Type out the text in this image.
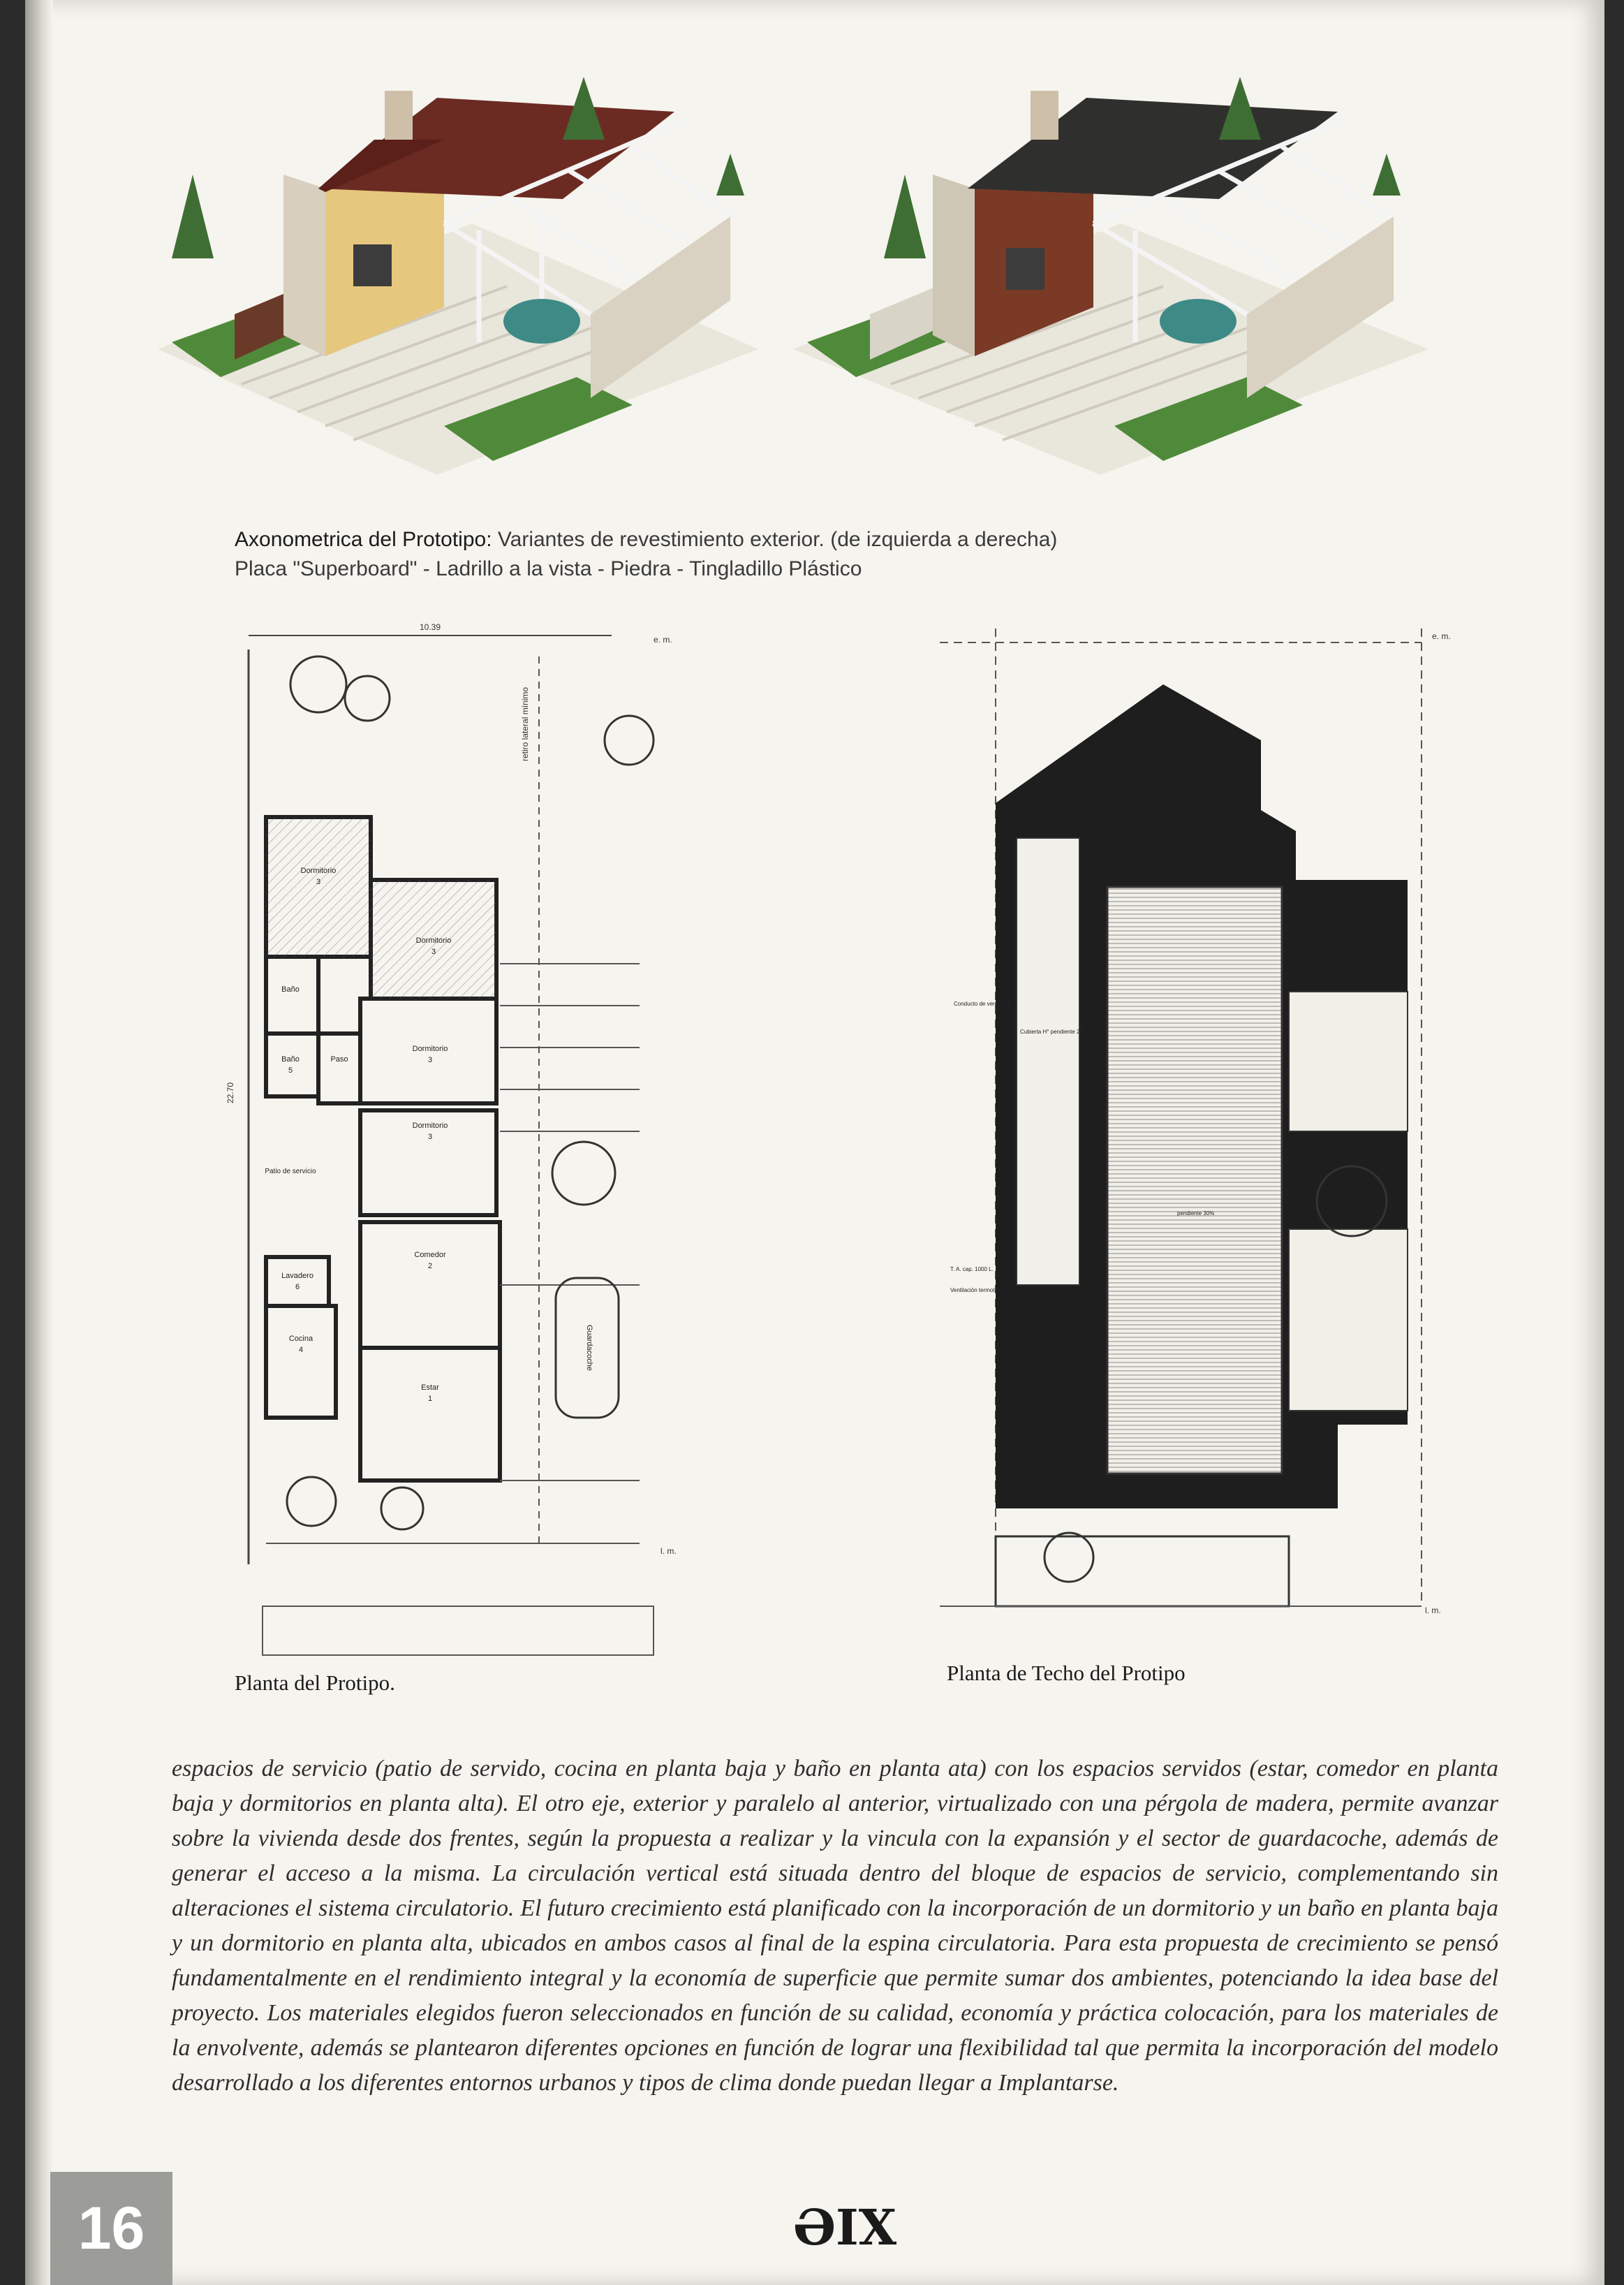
Axonometrica del Prototipo: Variantes de revestimiento exterior. (de izquierda a derecha)
Placa "Superboard" - Ladrillo a la vista - Piedra - Tingladillo Plástico
10.39
e. m.
22.70
retiro lateral mínimo
l. m.
Dormitorio
3
Dormitorio
3
Dormitorio
3
Dormitorio
3
Baño
Baño
5
Paso
Patio de servicio
Lavadero
6
Cocina
4
Comedor
2
Estar
1
Guardacoche
Planta del Protipo.
e. m.
l. m.
Conducto de vent. baño
Cubierta H° pendiente 2%
pendiente 30%
T. A. cap. 1000 L.
Ventilación termotanque
Planta de Techo del Protipo

espacios de servicio (patio de servido, cocina en planta baja y baño en planta ata) con los espacios servidos (estar, comedor en planta baja y dormitorios en planta alta). El otro eje, exterior y paralelo al anterior, virtualizado con una pérgola de madera, permite avanzar sobre la vivienda desde dos frentes, según la propuesta a realizar y la vincula con la expansión y el sector de guardacoche, además de generar el acceso a la misma. La circulación vertical está situada dentro del bloque de espacios de servicio, complementando sin alteraciones el sistema circulatorio. El futuro crecimiento está planificado con la incorporación de un dormitorio y un baño en planta baja y un dormitorio en planta alta, ubicados en ambos casos al final de la espina circulatoria. Para esta propuesta de crecimiento se pensó fundamentalmente en el rendimiento integral y la economía de superficie que permite sumar dos ambientes, potenciando la idea base del proyecto. Los materiales elegidos fueron seleccionados en función de su calidad, economía y práctica colocación, para los materiales de la envolvente, además se plantearon diferentes opciones en función de lograr una flexibilidad tal que permita la incorporación del modelo desarrollado a los diferentes entornos urbanos y tipos de clima donde puedan llegar a Implantarse.

16	ƏIX
